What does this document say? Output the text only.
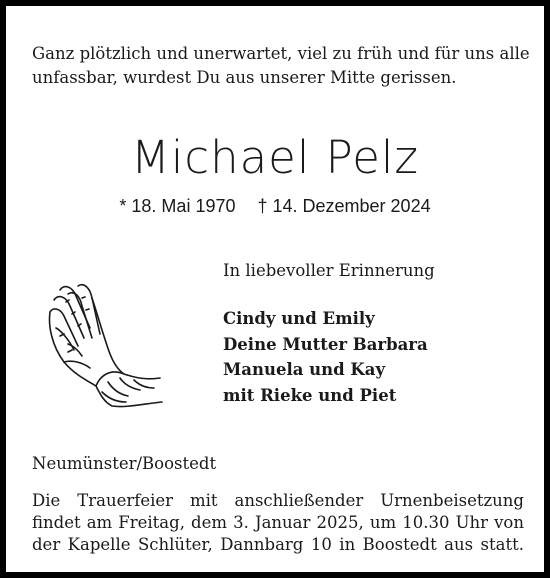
Ganz plötzlich und unerwartet, viel zu früh und für uns alle
unfassbar, wurdest Du aus unserer Mitte gerissen.
Michael Pelz
* 18. Mai 1970 † 14. Dezember 2024
In liebevoller Erinnerung
Cindy und Emily
Deine Mutter Barbara
Manuela und Kay
mit Rieke und Piet
Neumünster/Boostedt
Die Trauerfeier mit anschließender Urnenbeisetzung
findet am Freitag, dem 3. Januar 2025, um 10.30 Uhr von
der Kapelle Schlüter, Dannbarg 10 in Boostedt aus statt.
